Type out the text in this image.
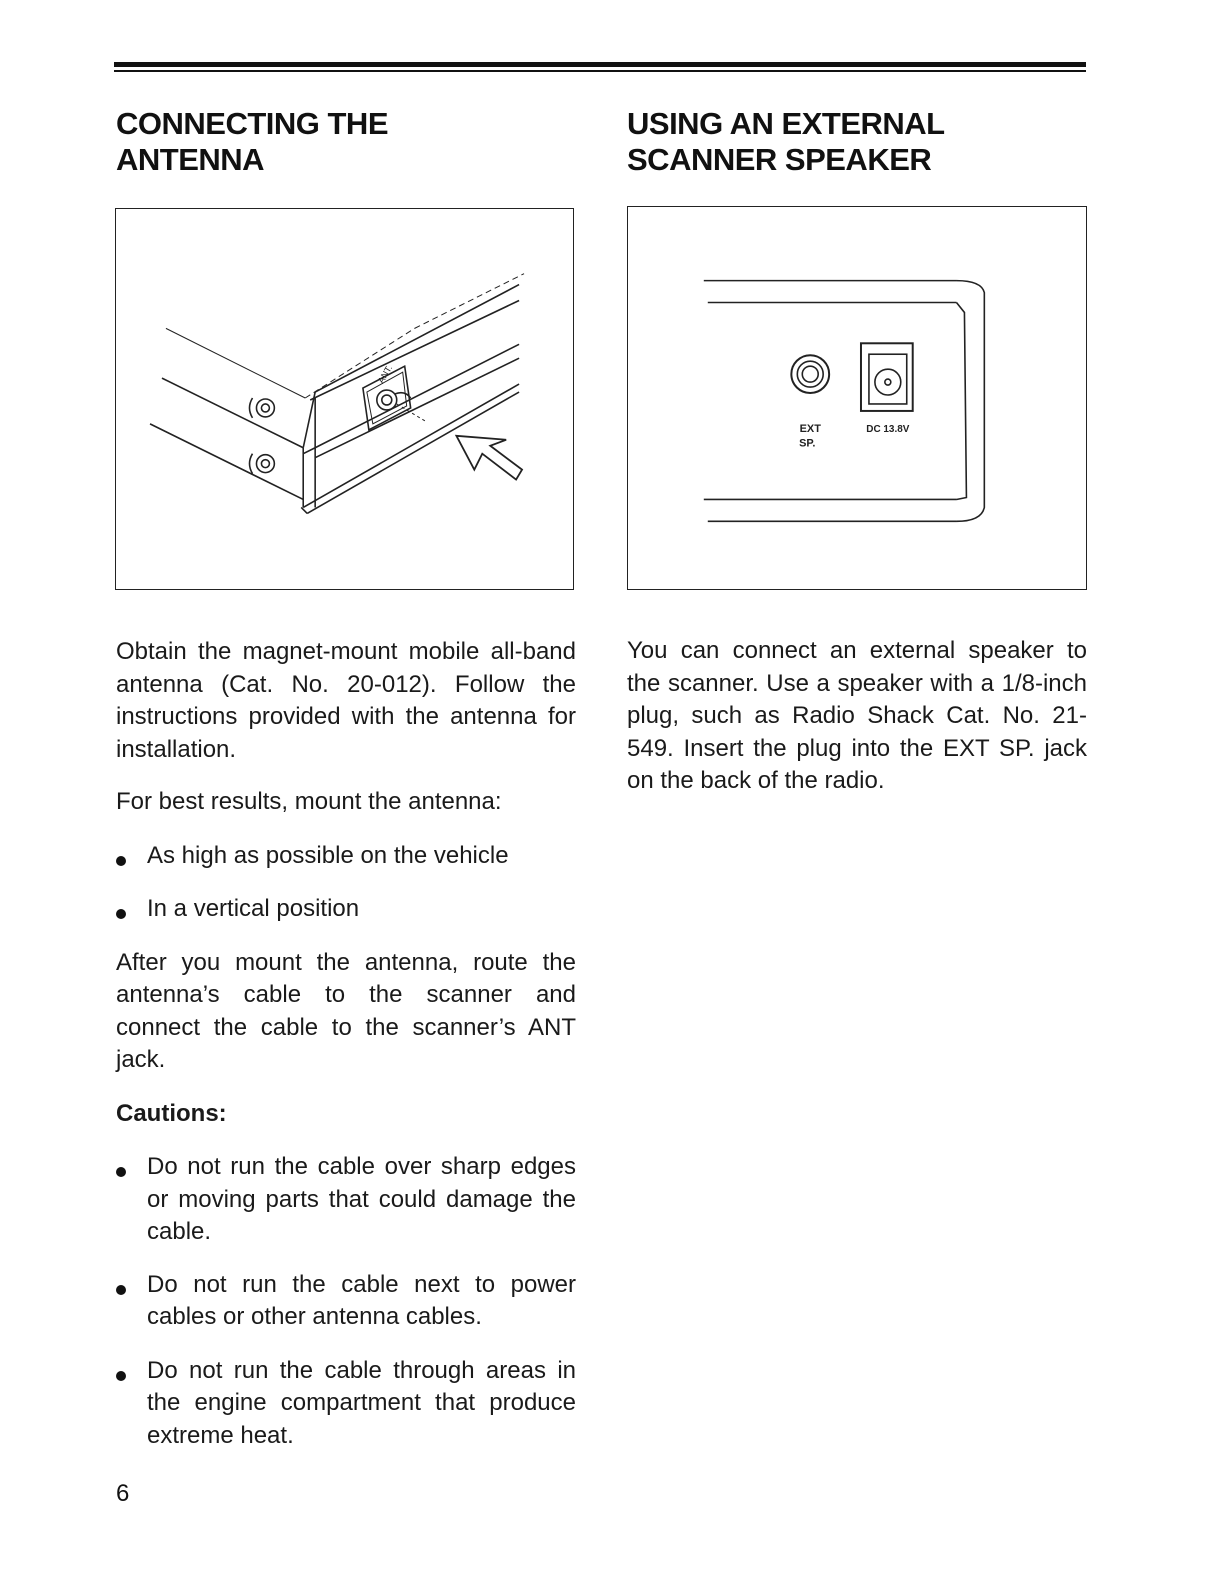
CONNECTING THE
ANTENNA
USING AN EXTERNAL
SCANNER SPEAKER
ANT.
EXT
SP.
DC 13.8V

Obtain the magnet-mount mobile all-band antenna (Cat. No. 20-012). Follow the instructions provided with the antenna for installation.

For best results, mount the antenna:

As high as possible on the vehicle
In a vertical position

After you mount the antenna, route the antenna’s cable to the scanner and connect the cable to the scanner’s ANT jack.

Cautions:

Do not run the cable over sharp edges or moving parts that could damage the cable.
Do not run the cable next to power cables or other antenna cables.
Do not run the cable through areas in the engine compartment that produce extreme heat.

You can connect an external speaker to the scanner. Use a speaker with a 1/8-inch plug, such as Radio Shack Cat. No. 21-549. Insert the plug into the EXT SP. jack on the back of the radio.

6
